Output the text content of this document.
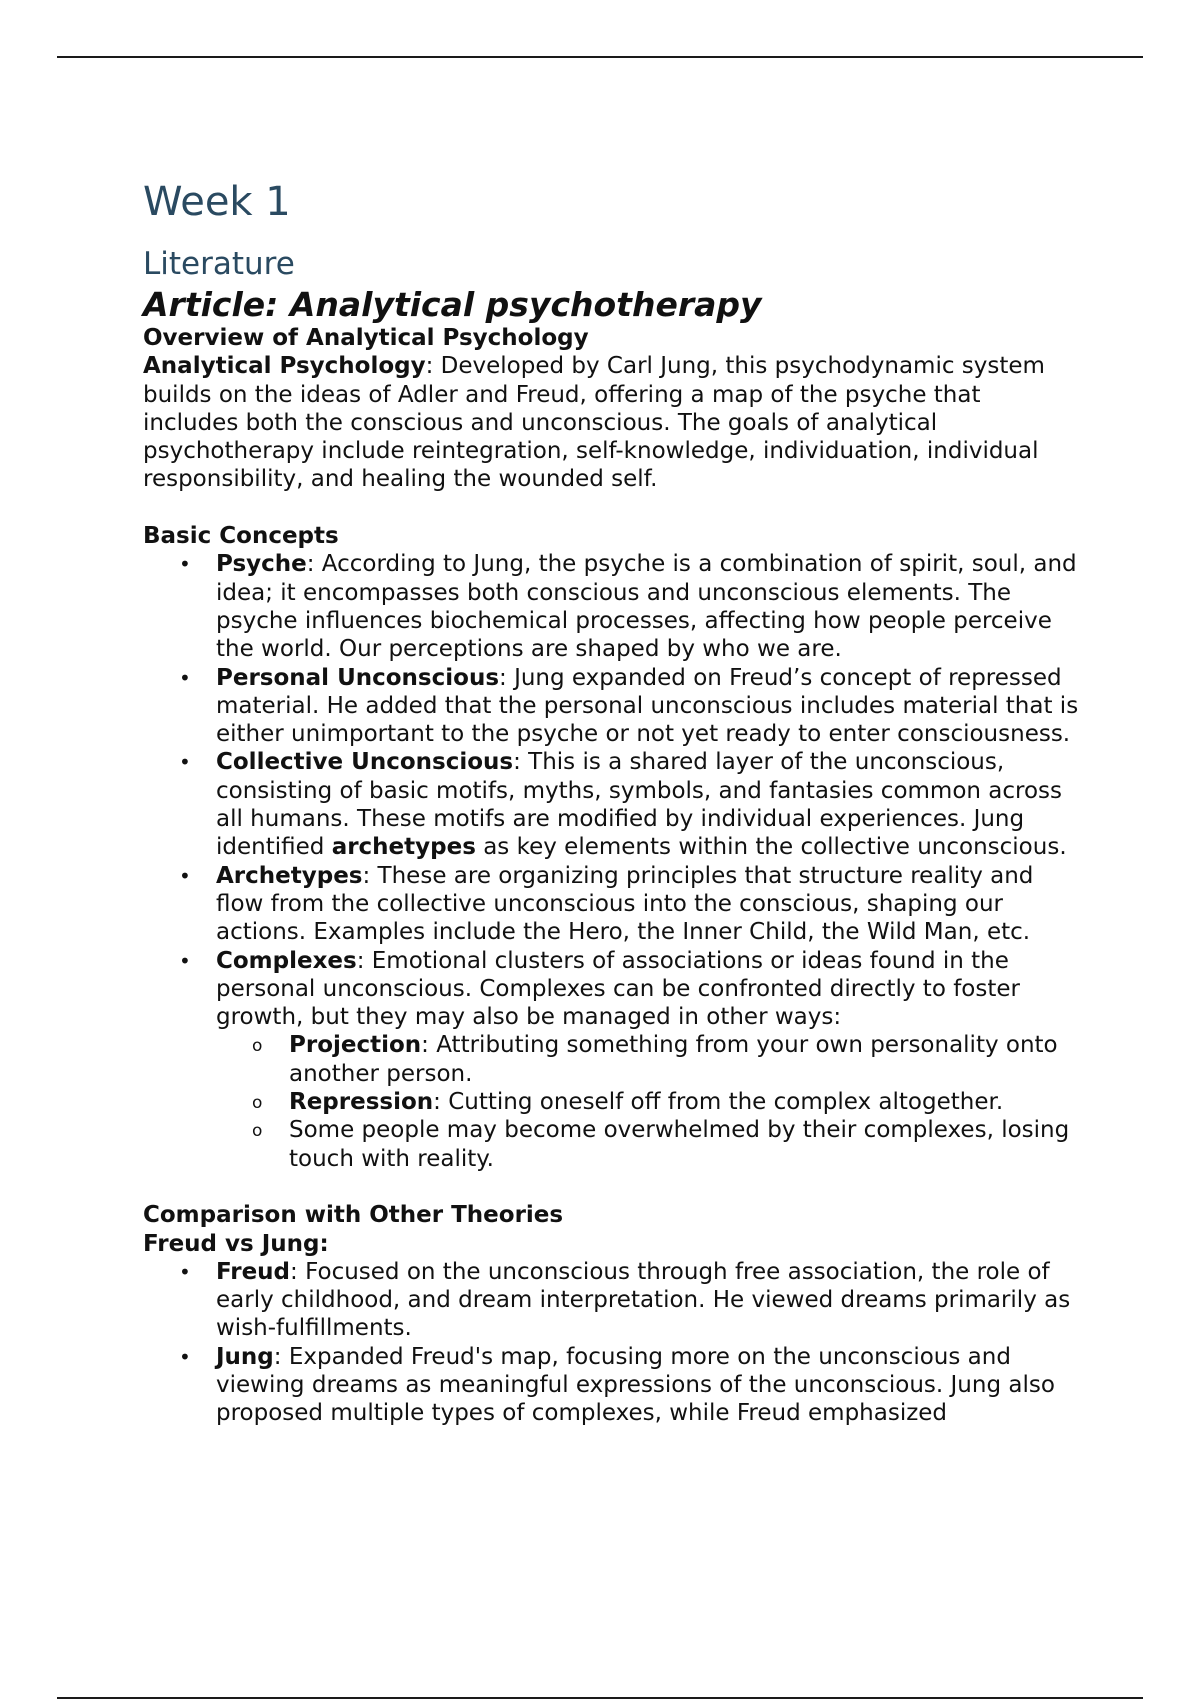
Week 1
Literature
Article: Analytical psychotherapy
Overview of Analytical Psychology

Analytical Psychology: Developed by Carl Jung, this psychodynamic system builds on the ideas of Adler and Freud, offering a map of the psyche that includes both the conscious and unconscious. The goals of analytical psychotherapy include reintegration, self-knowledge, individuation, individual responsibility, and healing the wounded self.

Basic Concepts
• Psyche: According to Jung, the psyche is a combination of spirit, soul, and idea; it encompasses both conscious and unconscious elements. The psyche influences biochemical processes, affecting how people perceive the world. Our perceptions are shaped by who we are.
• Personal Unconscious: Jung expanded on Freud’s concept of repressed material. He added that the personal unconscious includes material that is either unimportant to the psyche or not yet ready to enter consciousness.
• Collective Unconscious: This is a shared layer of the unconscious, consisting of basic motifs, myths, symbols, and fantasies common across all humans. These motifs are modified by individual experiences. Jung identified archetypes as key elements within the collective unconscious.
• Archetypes: These are organizing principles that structure reality and flow from the collective unconscious into the conscious, shaping our actions. Examples include the Hero, the Inner Child, the Wild Man, etc.
• Complexes: Emotional clusters of associations or ideas found in the personal unconscious. Complexes can be confronted directly to foster growth, but they may also be managed in other ways:
o Projection: Attributing something from your own personality onto another person.
o Repression: Cutting oneself off from the complex altogether.
o Some people may become overwhelmed by their complexes, losing touch with reality.
Comparison with Other Theories
Freud vs Jung:
• Freud: Focused on the unconscious through free association, the role of early childhood, and dream interpretation. He viewed dreams primarily as wish-fulfillments.
• Jung: Expanded Freud's map, focusing more on the unconscious and viewing dreams as meaningful expressions of the unconscious. Jung also proposed multiple types of complexes, while Freud emphasized
